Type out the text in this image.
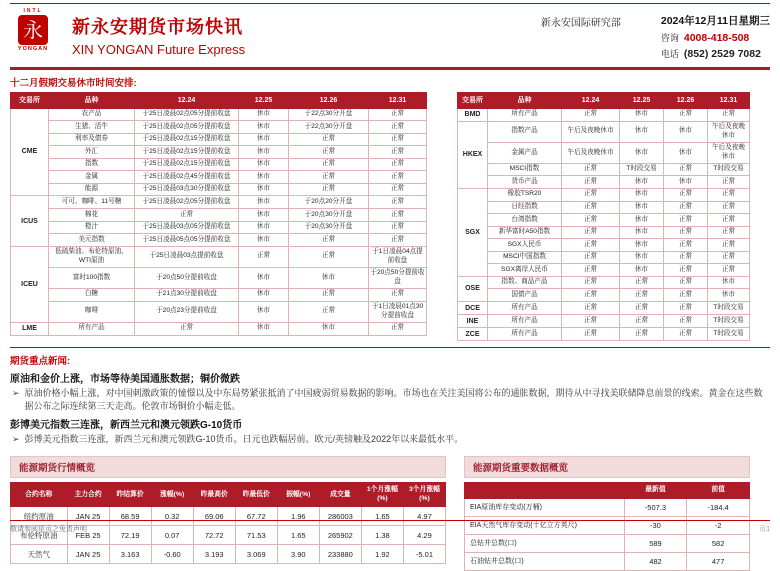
INTL
永
YONGAN
新永安期货市场快讯
XIN YONGAN Future Express
新永安国际研究部	2024年12月11日星期三
咨询 4008-418-508
电话 (852) 2529 7082
十二月假期交易休市时间安排:
交易所	品种	12.24	12.25	12.26	12.31
CME	农产品	于25日凌晨02点05分提前收盘	休市	于22点30分开盘	正常
	生猪、活牛	于25日凌晨02点05分提前收盘	休市	于22点30分开盘	正常
	利率及债券	于25日凌晨02点15分提前收盘	休市	正常	正常
	外汇	于25日凌晨02点15分提前收盘	休市	正常	正常
	指数	于25日凌晨02点15分提前收盘	休市	正常	正常
	金属	于25日凌晨02点45分提前收盘	休市	正常	正常
	能源	于25日凌晨03点30分提前收盘	休市	正常	正常
ICUS	可可、咖啡、11号糖	于25日凌晨02点05分提前收盘	休市	于20点20分开盘	正常
	棉花	正常	休市	于20点30分开盘	正常
	橙汁	于25日凌晨03点05分提前收盘	休市	于20点30分开盘	正常
	美元指数	于25日凌晨05点05分提前收盘	休市	正常	正常
ICEU	低硫柴油、布伦特原油、WTI原油	于25日凌晨03点提前收盘	正常	正常	于1日凌晨04点提前收盘
	富时100指数	于20点50分提前收盘	休市	休市	于20点50分提前收盘
	白糖	于21点30分提前收盘	休市	正常	正常
	咖啡	于20点23分提前收盘	休市	正常	于1日凌晨01点30分提前收盘
LME	所有产品	正常	休市	休市	正常
交易所	品种	12.24	12.25	12.26	12.31
BMD	所有产品	正常	休市	正常	正常
HKEX	指数产品	午后及夜晚休市	休市	休市	午后及夜晚休市
	金属产品	午后及夜晚休市	休市	休市	午后及夜晚休市
	MSCI指数	正常	T时段交易	正常	T时段交易
	货币产品	正常	休市	休市	正常
SGX	橡胶TSR20	正常	休市	正常	正常
	日经指数	正常	休市	正常	正常
	台湾指数	正常	休市	正常	正常
	新华富时A50指数	正常	休市	正常	正常
	SGX人民币	正常	休市	正常	正常
	MSCI中国指数	正常	休市	正常	正常
	SGX离岸人民币	正常	休市	正常	正常
OSE	指数、商品产品	正常	正常	正常	休市
	国债产品	正常	正常	正常	休市
DCE	所有产品	正常	正常	正常	T时段交易
INE	所有产品	正常	正常	正常	T时段交易
ZCE	所有产品	正常	正常	正常	T时段交易
期货重点新闻:
原油和金价上涨，市场等待美国通胀数据；铜价微跌
➢ 原油价格小幅上涨，对中国刺激政策的憧憬以及中东局势紧张抵消了中国疲弱贸易数据的影响。市场也在关注美国将公布的通胀数据，期待从中寻找美联储降息前景的线索。黄金在这些数据公布之际连续第三天走高。伦敦市场铜价小幅走低。
彭博美元指数三连涨，新西兰元和澳元领跌G-10货币
➢ 彭博美元指数三连涨，新西兰元和澳元领跌G-10货币。日元也跌幅居前。欧元/英镑触及2022年以来最低水平。
能源期货行情概览
合约名称	主力合约	昨结算价	涨幅(%)	昨最高价	昨最低价	振幅(%)	成交量	1个月涨幅(%)	3个月涨幅(%)
纽约原油	JAN 25	68.59	0.32	69.06	67.72	1.96	286003	1.65	4.97
布伦特原油	FEB 25	72.19	0.07	72.72	71.53	1.65	265902	1.38	4.29
天然气	JAN 25	3.163	-0.60	3.193	3.069	3.90	233880	1.92	-5.01
能源期货重要数据概览
	最新值	前值
EIA原油库存变动(万桶)	-507.3	-184.4
EIA天然气库存变动(十亿立方英尺)	-30	-2
总钻井总数(口)	589	582
石油钻井总数(口)	482	477
敬请参阅尾页之免责声明	页1
